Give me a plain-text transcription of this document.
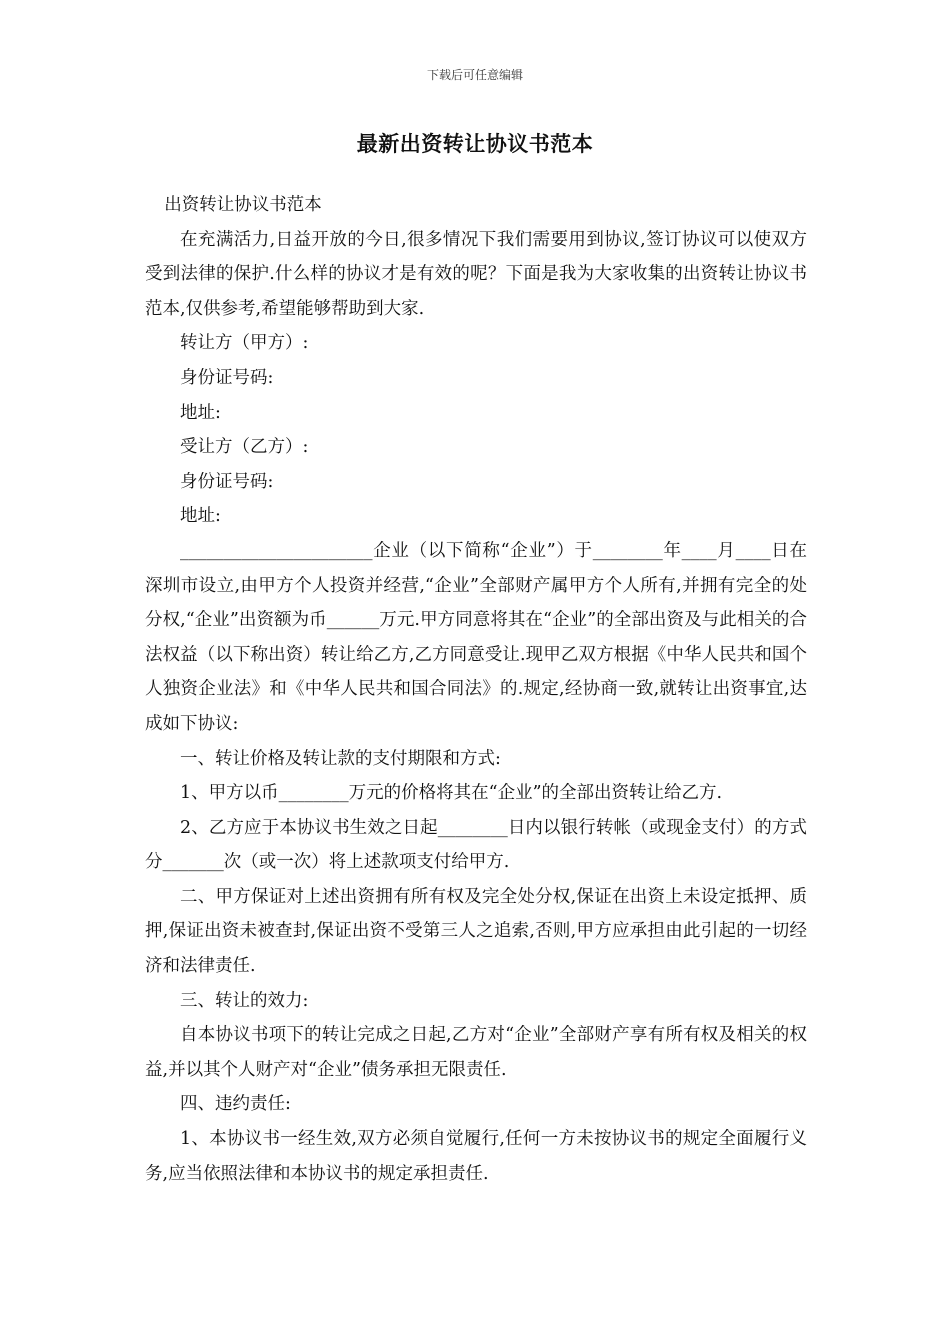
下载后可任意编辑
最新出资转让协议书范本

出资转让协议书范本

在充满活力,日益开放的今日,很多情况下我们需要用到协议,签订协议可以使双方受到法律的保护.什么样的协议才是有效的呢？下面是我为大家收集的出资转让协议书范本,仅供参考,希望能够帮助到大家.

转让方（甲方）:

身份证号码:

地址:

受让方（乙方）:

身份证号码:

地址:

______________________企业（以下简称“企业”）于________年____月____日在深圳市设立,由甲方个人投资并经营,“企业”全部财产属甲方个人所有,并拥有完全的处分权,“企业”出资额为币______万元.甲方同意将其在“企业”的全部出资及与此相关的合法权益（以下称出资）转让给乙方,乙方同意受让.现甲乙双方根据《中华人民共和国个人独资企业法》和《中华人民共和国合同法》的.规定,经协商一致,就转让出资事宜,达成如下协议:

一、转让价格及转让款的支付期限和方式:

1、甲方以币________万元的价格将其在“企业”的全部出资转让给乙方.

2、乙方应于本协议书生效之日起________日内以银行转帐（或现金支付）的方式分_______次（或一次）将上述款项支付给甲方.

二、甲方保证对上述出资拥有所有权及完全处分权,保证在出资上未设定抵押、质押,保证出资未被查封,保证出资不受第三人之追索,否则,甲方应承担由此引起的一切经济和法律责任.

三、转让的效力:

自本协议书项下的转让完成之日起,乙方对“企业”全部财产享有所有权及相关的权益,并以其个人财产对“企业”债务承担无限责任.

四、违约责任:

1、本协议书一经生效,双方必须自觉履行,任何一方未按协议书的规定全面履行义务,应当依照法律和本协议书的规定承担责任.
